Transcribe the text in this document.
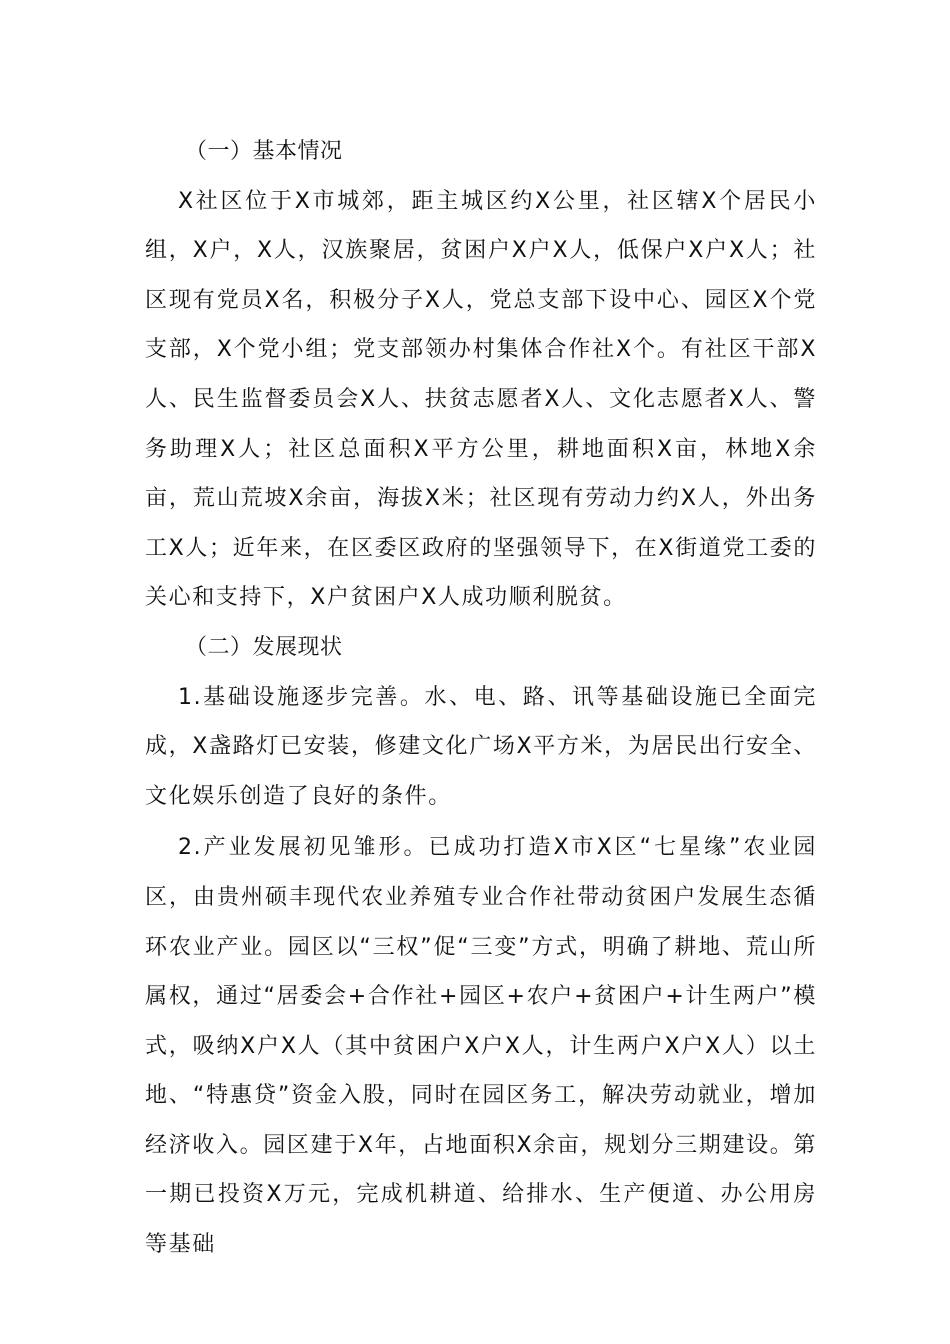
（一）基本情况

X社区位于X市城郊，距主城区约X公里，社区辖X个居民小组，X户，X人，汉族聚居，贫困户X户X人，低保户X户X人；社区现有党员X名，积极分子X人，党总支部下设中心、园区X个党支部，X个党小组；党支部领办村集体合作社X个。有社区干部X人、民生监督委员会X人、扶贫志愿者X人、文化志愿者X人、警务助理X人；社区总面积X平方公里，耕地面积X亩，林地X余亩，荒山荒坡X余亩，海拔X米；社区现有劳动力约X人，外出务工X人；近年来，在区委区政府的坚强领导下，在X街道党工委的关心和支持下，X户贫困户X人成功顺利脱贫。

（二）发展现状

1.基础设施逐步完善。水、电、路、讯等基础设施已全面完成，X盏路灯已安装，修建文化广场X平方米，为居民出行安全、文化娱乐创造了良好的条件。

2.产业发展初见雏形。已成功打造X市X区“七星缘”农业园区，由贵州硕丰现代农业养殖专业合作社带动贫困户发展生态循环农业产业。园区以“三权”促“三变”方式，明确了耕地、荒山所属权，通过“居委会+合作社+园区+农户+贫困户+计生两户”模式，吸纳X户X人（其中贫困户X户X人，计生两户X户X人）以土地、“特惠贷”资金入股，同时在园区务工，解决劳动就业，增加经济收入。园区建于X年，占地面积X余亩，规划分三期建设。第一期已投资X万元，完成机耕道、给排水、生产便道、办公用房等基础
